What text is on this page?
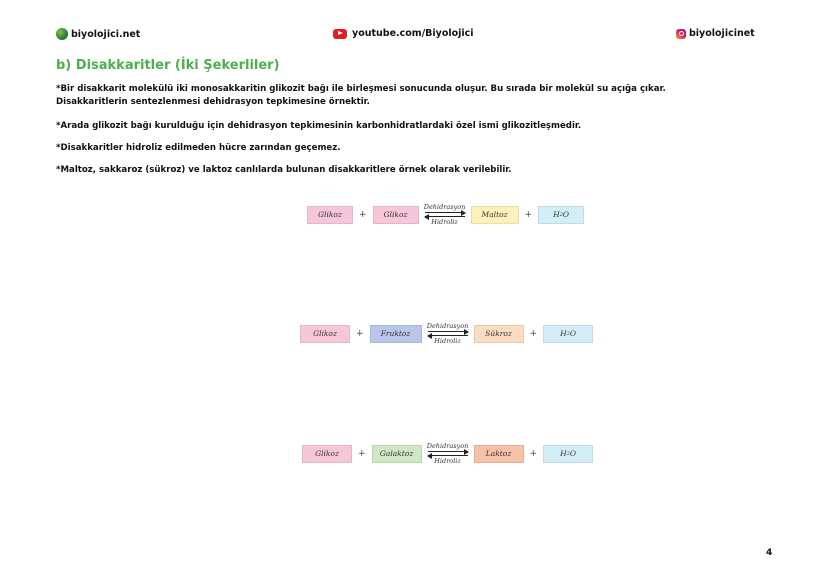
biyolojici.net	youtube.com/Biyolojici	biyolojicinet
b) Disakkaritler (İki Şekerliler)
*Bir disakkarit molekülü iki monosakkaritin glikozit bağı ile birleşmesi sonucunda oluşur. Bu sırada bir molekül su açığa çıkar. Disakkaritlerin sentezlenmesi dehidrasyon tepkimesine örnektir.
*Arada glikozit bağı kurulduğu için dehidrasyon tepkimesinin karbonhidratlardaki özel ismi glikozitleşmedir.
*Disakkaritler hidroliz edilmeden hücre zarından geçemez.
*Maltoz, sakkaroz (sükroz) ve laktoz canlılarda bulunan disakkaritlere örnek olarak verilebilir.
Glikoz	+	Glikoz
Dehidrasyon
Hidroliz
Maltoz	+	H 2 O
Glikoz	+	Fruktoz
Dehidrasyon
Hidroliz
Sükroz	+	H 2 O
Glikoz	+	Galaktoz
Dehidrasyon
Hidroliz
Laktoz	+	H 2 O
4
